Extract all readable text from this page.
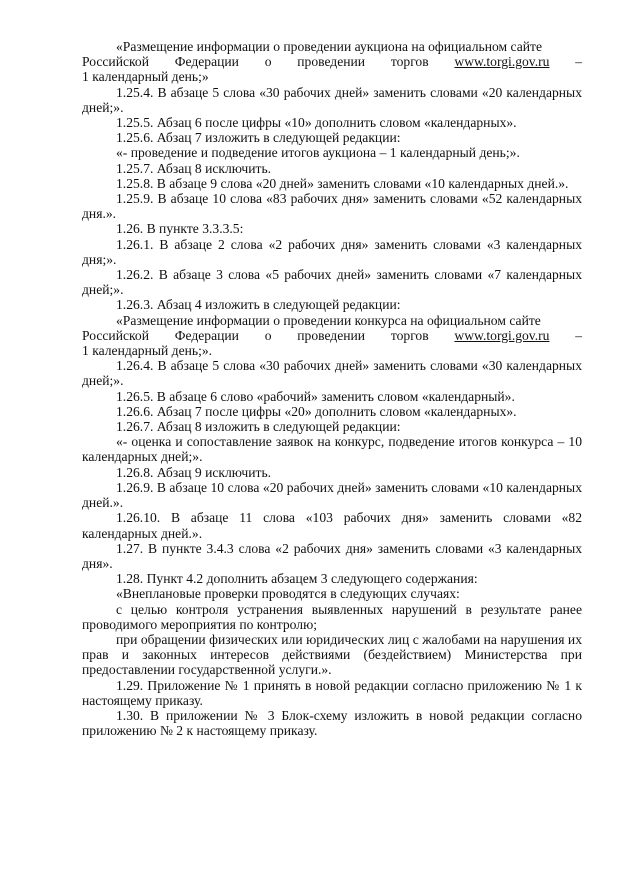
«Размещение информации о проведении аукциона на официальном сайте

Российской Федерации о проведении торгов www.torgi.gov.ru –

1 календарный день;»

1.25.4. В абзаце 5 слова «30 рабочих дней» заменить словами «20 календарных дней;».

1.25.5. Абзац 6 после цифры «10» дополнить словом «календарных».

1.25.6. Абзац 7 изложить в следующей редакции:

«- проведение и подведение итогов аукциона – 1 календарный день;».

1.25.7. Абзац 8 исключить.

1.25.8. В абзаце 9 слова «20 дней» заменить словами «10 календарных дней.».

1.25.9. В абзаце 10 слова «83 рабочих дня» заменить словами «52 календарных дня.».

1.26. В пункте 3.3.3.5:

1.26.1. В абзаце 2 слова «2 рабочих дня» заменить словами «3 календарных дня;».

1.26.2. В абзаце 3 слова «5 рабочих дней» заменить словами «7 календарных дней;».

1.26.3. Абзац 4 изложить в следующей редакции:

«Размещение информации о проведении конкурса на официальном сайте

Российской Федерации о проведении торгов www.torgi.gov.ru –

1 календарный день;».

1.26.4. В абзаце 5 слова «30 рабочих дней» заменить словами «30 календарных дней;».

1.26.5. В абзаце 6 слово «рабочий» заменить словом «календарный».

1.26.6. Абзац 7 после цифры «20» дополнить словом «календарных».

1.26.7. Абзац 8 изложить в следующей редакции:

«- оценка и сопоставление заявок на конкурс, подведение итогов конкурса – 10 календарных дней;».

1.26.8. Абзац 9 исключить.

1.26.9. В абзаце 10 слова «20 рабочих дней» заменить словами «10 календарных дней.».

1.26.10. В абзаце 11 слова «103 рабочих дня» заменить словами «82 календарных дней.».

1.27. В пункте 3.4.3 слова «2 рабочих дня» заменить словами «3 календарных дня».

1.28. Пункт 4.2 дополнить абзацем 3 следующего содержания:

«Внеплановые проверки проводятся в следующих случаях:

с целью контроля устранения выявленных нарушений в результате ранее проводимого мероприятия по контролю;

при обращении физических или юридических лиц с жалобами на нарушения их прав и законных интересов действиями (бездействием) Министерства при предоставлении государственной услуги.».

1.29. Приложение № 1 принять в новой редакции согласно приложению № 1 к настоящему приказу.

1.30. В приложении № 3 Блок-схему изложить в новой редакции согласно приложению № 2 к настоящему приказу.
